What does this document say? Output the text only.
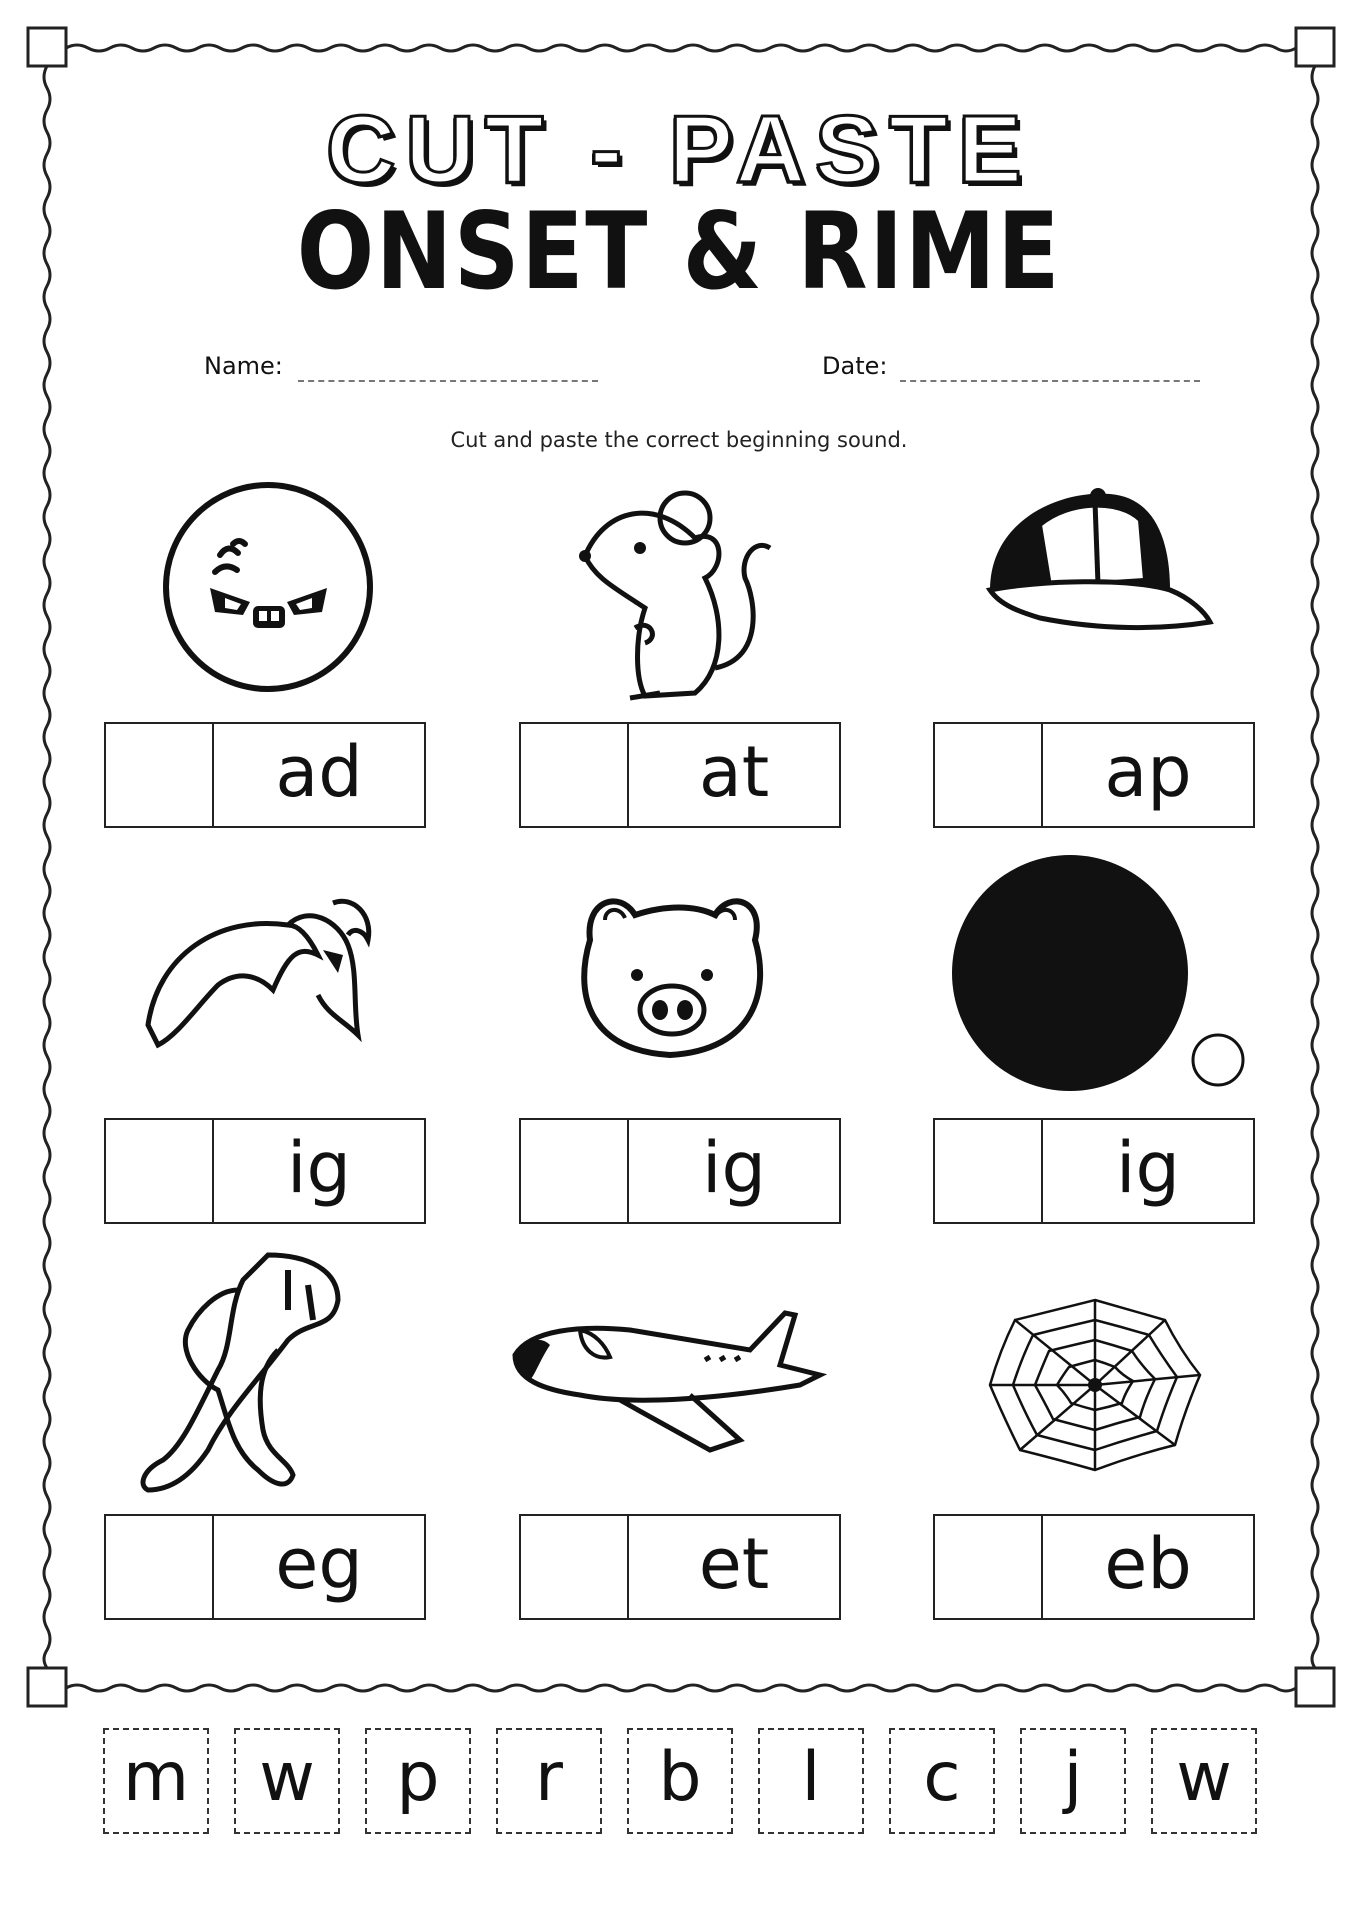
CUT - PASTE
ONSET & RIME
Name:	Date:
Cut and paste the correct beginning sound.
ad	at	ap
ig	ig	ig
eg	et	eb
m	w	p	r	b	l	c	j	w
